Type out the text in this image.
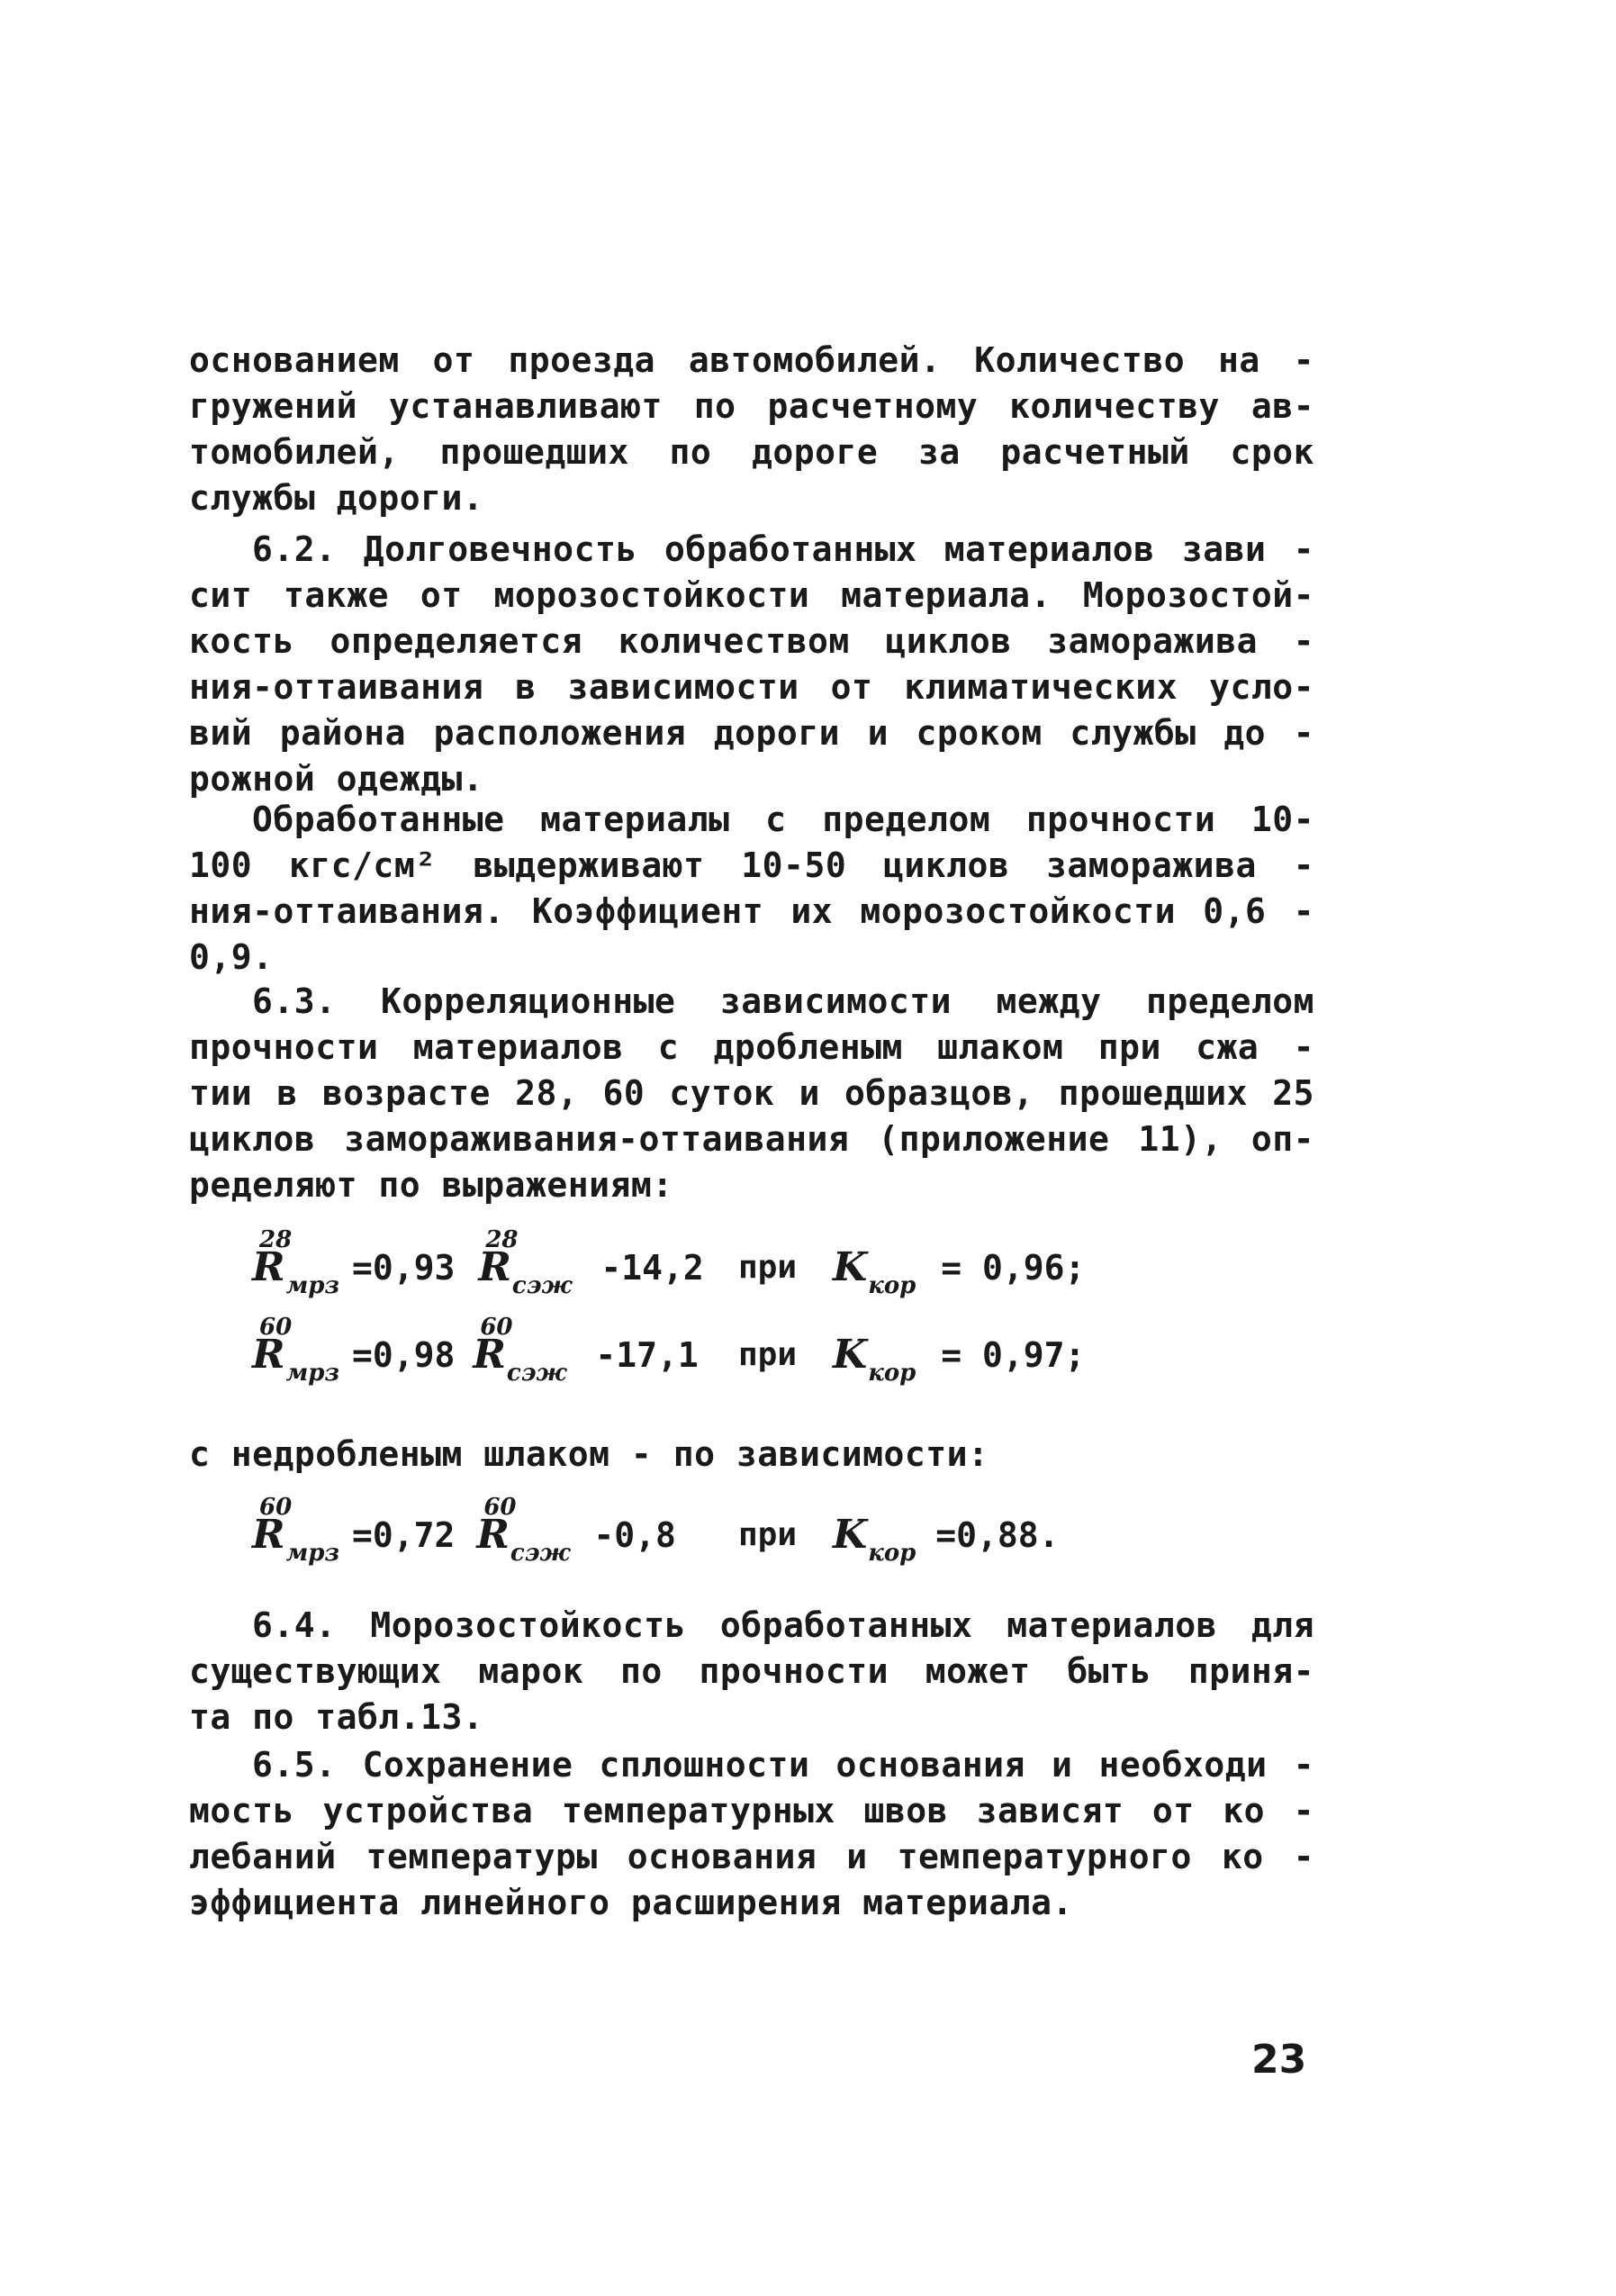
основанием от проезда автомобилей. Количество на -
гружений устанавливают по расчетному количеству ав-
томобилей, прошедших по дороге за расчетный срок
службы дороги.
6.2. Долговечность обработанных материалов зави -
сит также от морозостойкости материала. Морозостой-
кость определяется количеством циклов заморажива -
ния-оттаивания в зависимости от климатических усло-
вий района расположения дороги и сроком службы до -
рожной одежды.
Обработанные материалы с пределом прочности 10-
100 кгс/см² выдерживают 10-50 циклов заморажива -
ния-оттаивания. Коэффициент их морозостойкости 0,6 -
0,9.
6.3. Корреляционные зависимости между пределом
прочности материалов с дробленым шлаком при сжа -
тии в возрасте 28, 60 суток и образцов, прошедших 25
циклов замораживания-оттаивания (приложение 11), оп-
ределяют по выражениям:
R
28
$_{мрз}$ =0,93 R
28
$_{сэж}$ -14,2	при $K_{кор} = 0,96$;
R
60
$_{мрз}$ =0,98 R
60
$_{сэж}$ -17,1	при $K_{кор} = 0,97$;
с недробленым шлаком - по зависимости:
R
60
$_{мрз}$ =0,72 R
60
$_{сэж}$ -0,8	при $K_{кор} =0,88$.
6.4. Морозостойкость обработанных материалов для
существующих марок по прочности может быть приня-
та по табл.13.
6.5. Сохранение сплошности основания и необходи -
мость устройства температурных швов зависят от ко -
лебаний температуры основания и температурного ко -
эффициента линейного расширения материала.
23
